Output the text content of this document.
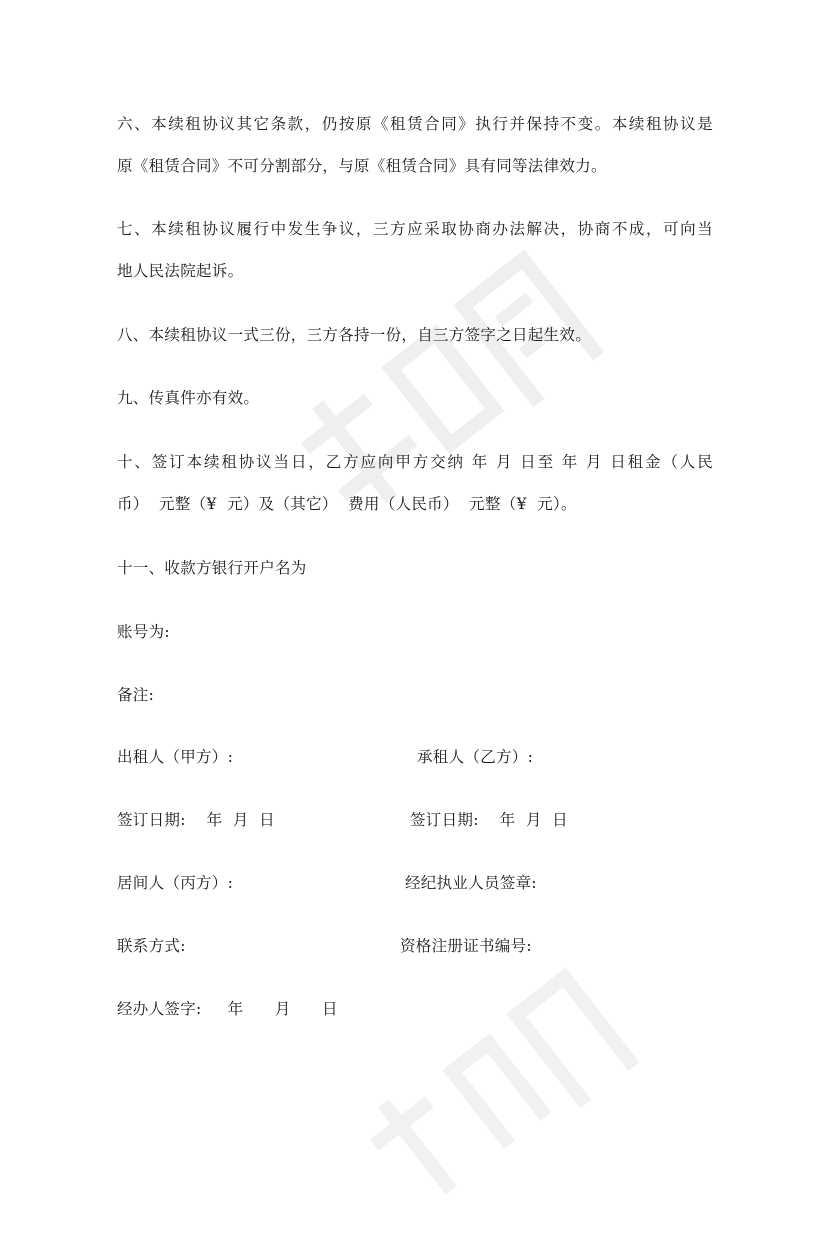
六、本续租协议其它条款，仍按原《租赁合同》执行并保持不变。本续租协议是
原《租赁合同》不可分割部分，与原《租赁合同》具有同等法律效力。
七、本续租协议履行中发生争议，三方应采取协商办法解决，协商不成，可向当
地人民法院起诉。
八、本续租协议一式三份，三方各持一份，自三方签字之日起生效。
九、传真件亦有效。
十、签订本续租协议当日，乙方应向甲方交纳 年 月 日至 年 月 日租金（人民
币）  元整（¥  元）及（其它）  费用（人民币）  元整（¥  元）。
十一、收款方银行开户名为
账号为:
备注:
出租人（甲方）:	承租人（乙方）:
签订日期:    年  月  日	签订日期:    年  月  日
居间人（丙方）:	经纪执业人员签章:
联系方式:	资格注册证书编号:
经办人签字:     年      月      日
